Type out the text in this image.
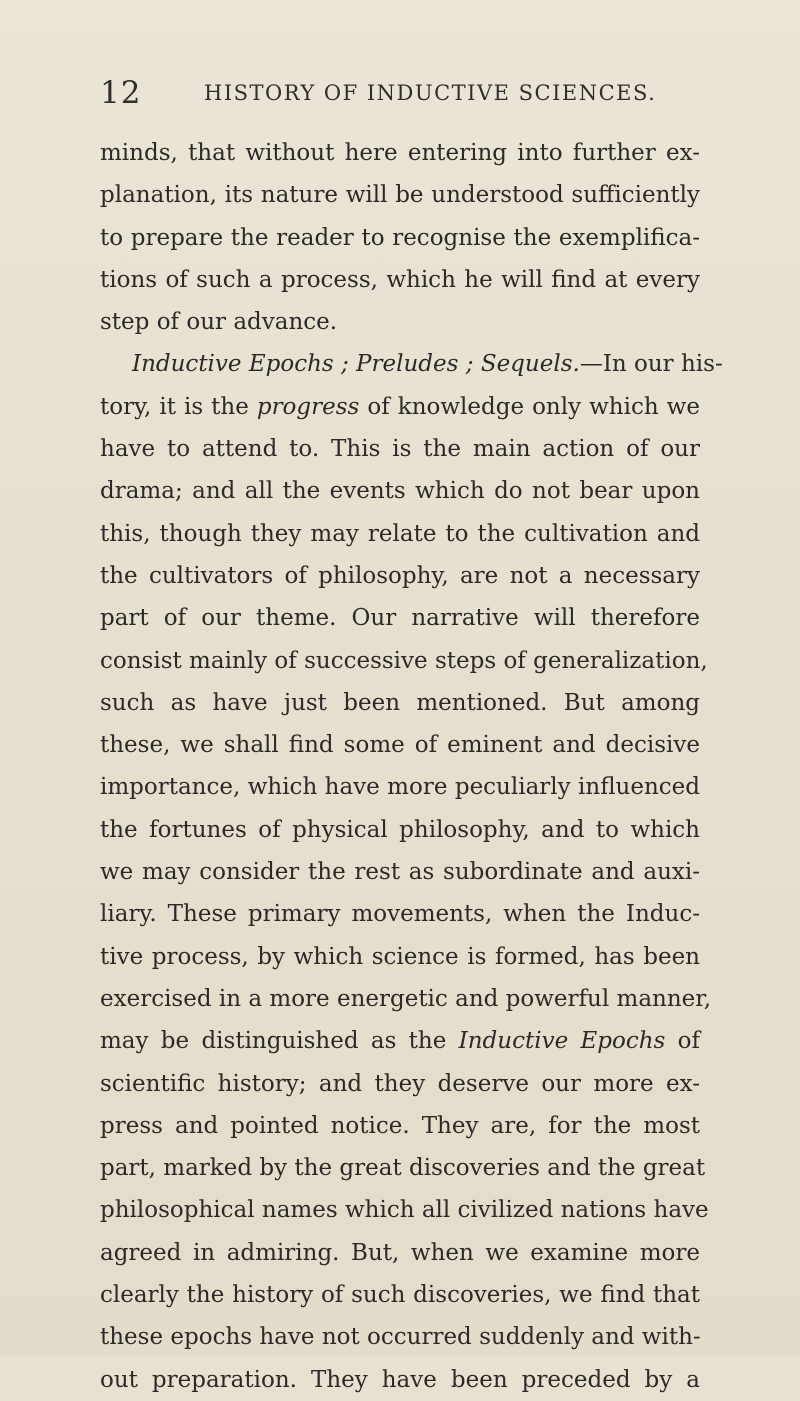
12	HISTORY OF INDUCTIVE SCIENCES.
minds, that without here entering into further ex-
planation, its nature will be understood sufficiently
to prepare the reader to recognise the exemplifica-
tions of such a process, which he will find at every
step of our advance.
Inductive Epochs ; Preludes ; Sequels.—In our his-
tory, it is the progress of knowledge only which we
have to attend to. This is the main action of our
drama; and all the events which do not bear upon
this, though they may relate to the cultivation and
the cultivators of philosophy, are not a necessary
part of our theme. Our narrative will therefore
consist mainly of successive steps of generalization,
such as have just been mentioned. But among
these, we shall find some of eminent and decisive
importance, which have more peculiarly influenced
the fortunes of physical philosophy, and to which
we may consider the rest as subordinate and auxi-
liary. These primary movements, when the Induc-
tive process, by which science is formed, has been
exercised in a more energetic and powerful manner,
may be distinguished as the Inductive Epochs of
scientific history; and they deserve our more ex-
press and pointed notice. They are, for the most
part, marked by the great discoveries and the great
philosophical names which all civilized nations have
agreed in admiring. But, when we examine more
clearly the history of such discoveries, we find that
these epochs have not occurred suddenly and with-
out preparation. They have been preceded by a
